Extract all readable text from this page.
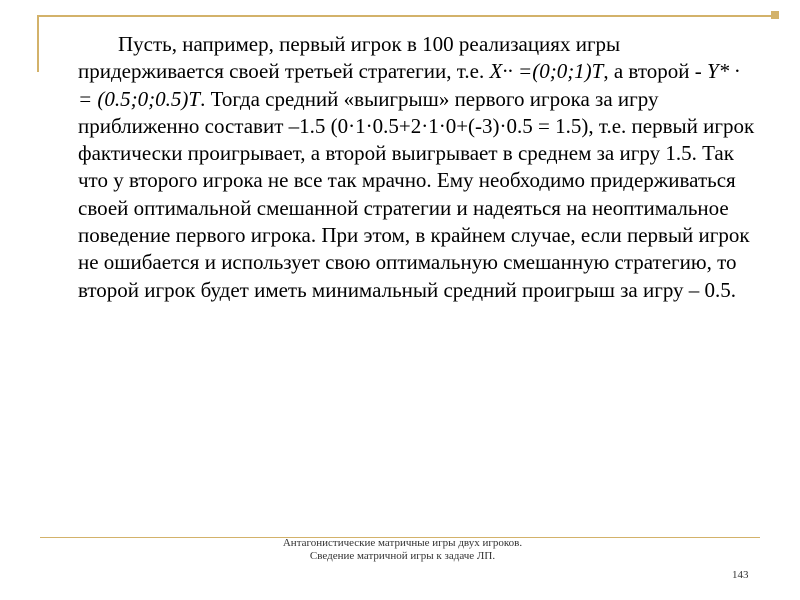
Пусть, например, первый игрок в 100 реализациях игры придерживается своей третьей стратегии, т.е. X·· =(0;0;1)T, а второй - Y* · = (0.5;0;0.5)T. Тогда средний «выигрыш» первого игрока за игру приближенно составит –1.5 (0·1·0.5+2·1·0+(-3)·0.5 = 1.5), т.е. первый игрок фактически проигрывает, а второй выигрывает в среднем за игру 1.5. Так что у второго игрока не все так мрачно. Ему необходимо придерживаться своей оптимальной смешанной стратегии и надеяться на неоптимальное поведение первого игрока. При этом, в крайнем случае, если первый игрок не ошибается и использует свою оптимальную смешанную стратегию, то второй игрок будет иметь минимальный средний проигрыш за игру – 0.5.

Антагонистические матричные игры двух игроков. Сведение матричной игры к задаче ЛП.

143
